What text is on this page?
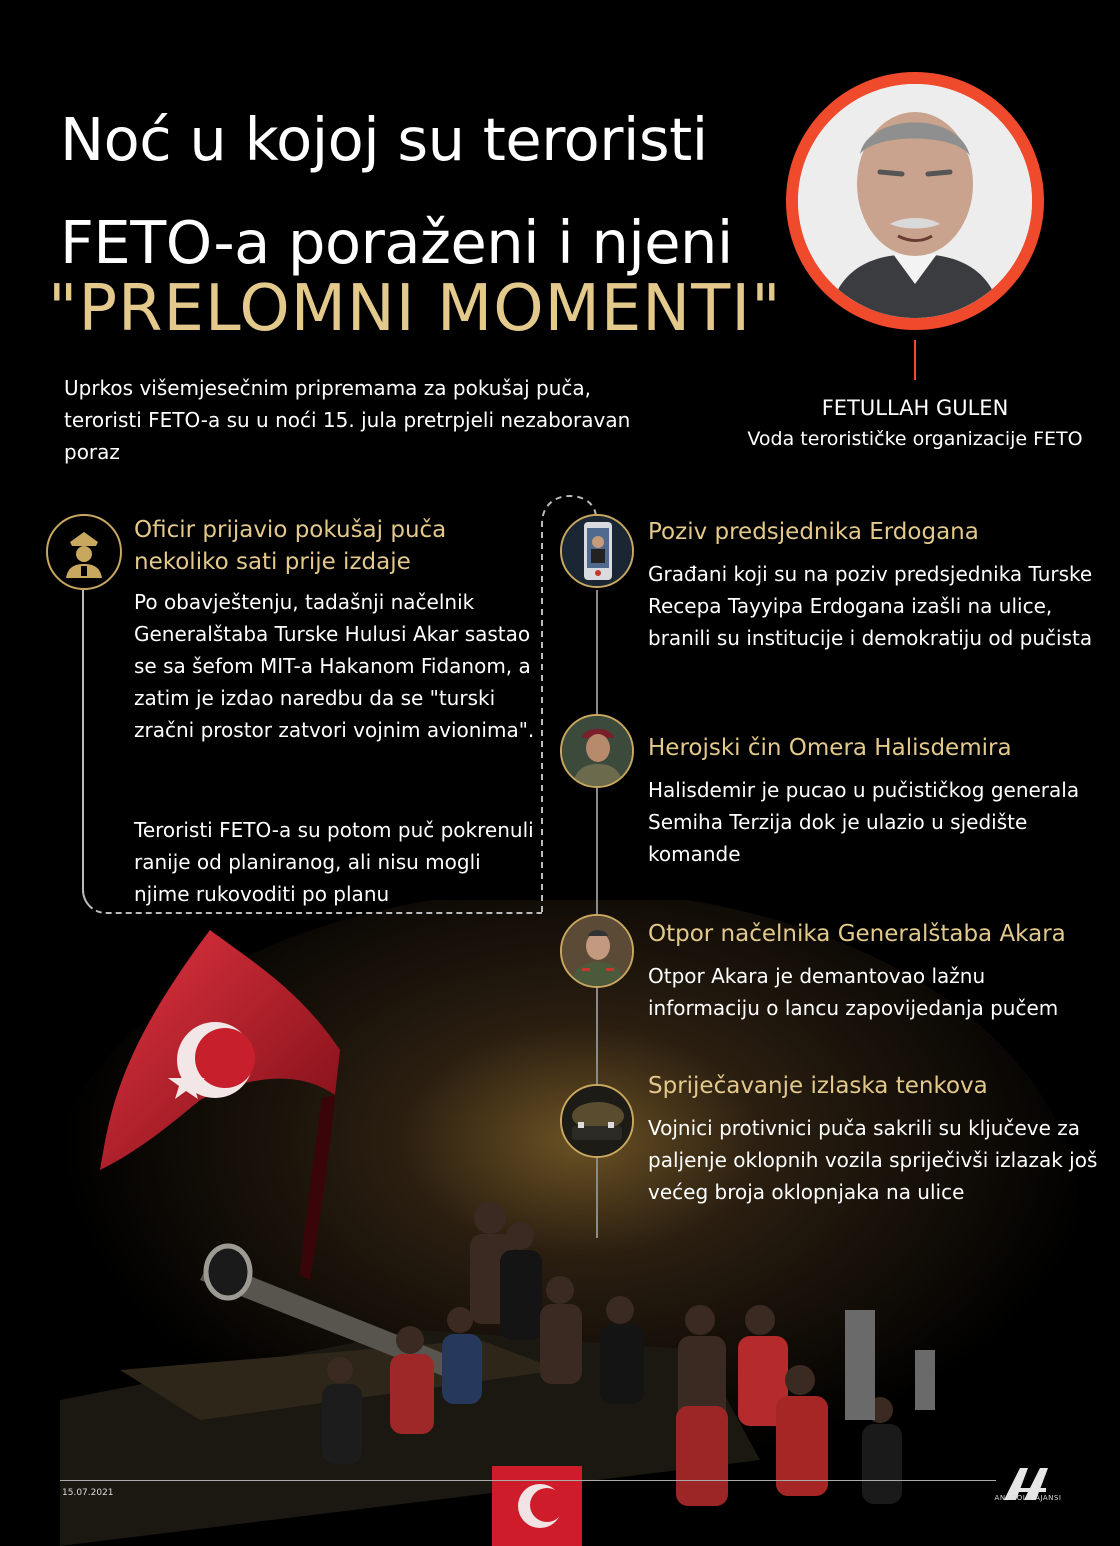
Noć u kojoj su teroristi
FETO-a poraženi i njeni
"PRELOMNI MOMENTI"
FETULLAH GULEN
Voda terorističke organizacije FETO
Uprkos višemjesečnim pripremama za pokušaj puča, teroristi FETO-a su u noći 15. jula pretrpjeli nezaboravan poraz
Oficir prijavio pokušaj puča nekoliko sati prije izdaje
Po obavještenju, tadašnji načelnik Generalštaba Turske Hulusi Akar sastao se sa šefom MIT-a Hakanom Fidanom, a zatim je izdao naredbu da se "turski zračni prostor zatvori vojnim avionima".
Teroristi FETO-a su potom puč pokrenuli ranije od planiranog, ali nisu mogli njime rukovoditi po planu
Poziv predsjednika Erdogana
Građani koji su na poziv predsjednika Turske Recepa Tayyipa Erdogana izašli na ulice, branili su institucije i demokratiju od pučista
Herojski čin Omera Halisdemira
Halisdemir je pucao u pučističkog generala Semiha Terzija dok je ulazio u sjedište komande
Otpor načelnika Generalštaba Akara
Otpor Akara je demantovao lažnu informaciju o lancu zapovijedanja pučem
Spriječavanje izlaska tenkova
Vojnici protivnici puča sakrili su ključeve za paljenje oklopnih vozila spriječivši izlazak još većeg broja oklopnjaka na ulice
15.07.2021	ANADOLU AJANSI
